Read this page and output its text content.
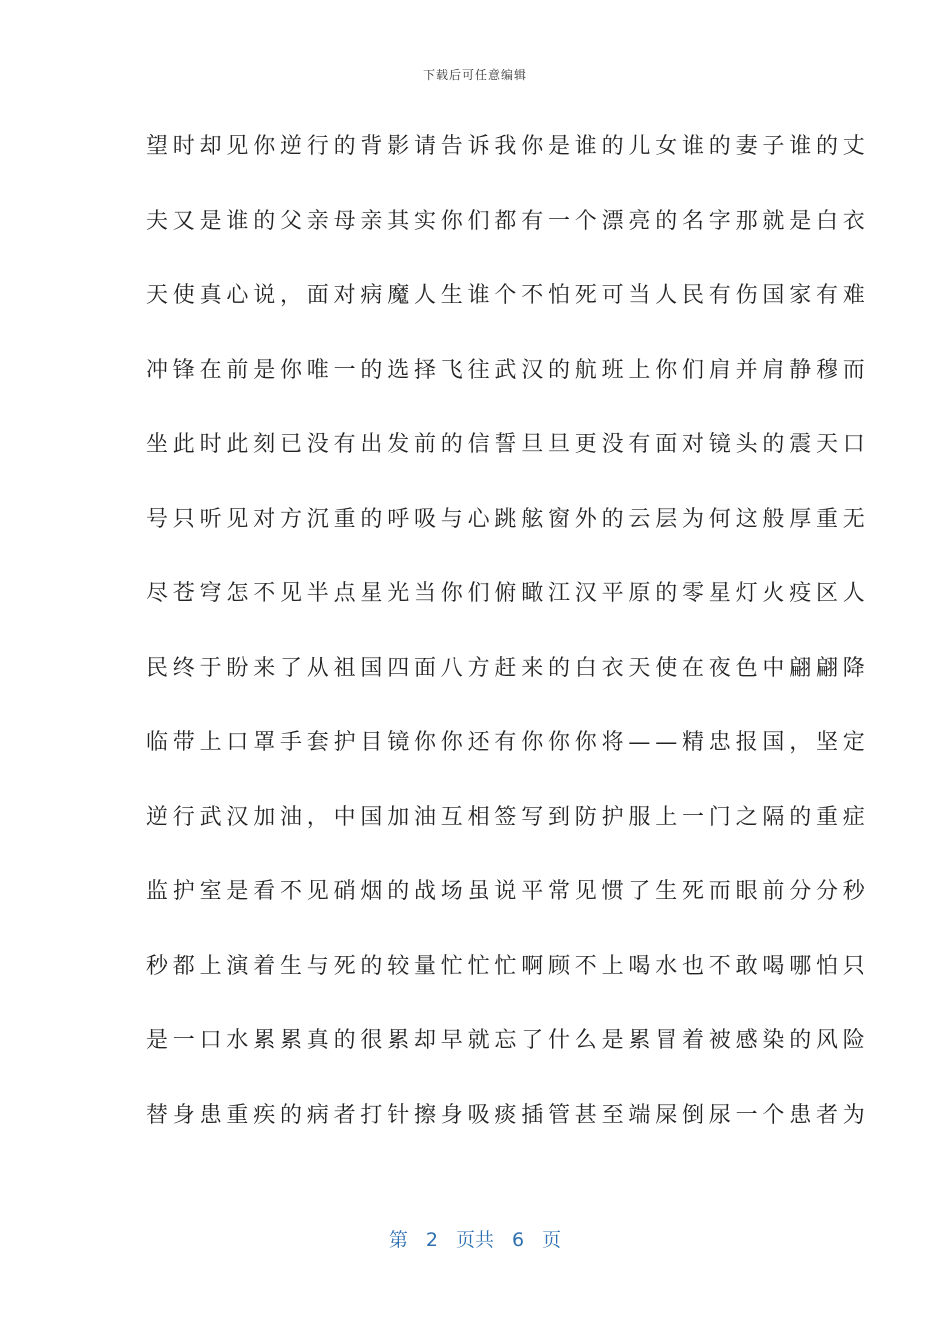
下载后可任意编辑
望时却见你逆行的背影请告诉我你是谁的儿女谁的妻子谁的丈
夫又是谁的父亲母亲其实你们都有一个漂亮的名字那就是白衣
天使真心说，面对病魔人生谁个不怕死可当人民有伤国家有难
冲锋在前是你唯一的选择飞往武汉的航班上你们肩并肩静穆而
坐此时此刻已没有出发前的信誓旦旦更没有面对镜头的震天口
号只听见对方沉重的呼吸与心跳舷窗外的云层为何这般厚重无
尽苍穹怎不见半点星光当你们俯瞰江汉平原的零星灯火疫区人
民终于盼来了从祖国四面八方赶来的白衣天使在夜色中翩翩降
临带上口罩手套护目镜你你还有你你你将——精忠报国，坚定
逆行武汉加油，中国加油互相签写到防护服上一门之隔的重症
监护室是看不见硝烟的战场虽说平常见惯了生死而眼前分分秒
秒都上演着生与死的较量忙忙忙啊顾不上喝水也不敢喝哪怕只
是一口水累累真的很累却早就忘了什么是累冒着被感染的风险
替身患重疾的病者打针擦身吸痰插管甚至端屎倒尿一个患者为
第 2 页共 6 页
